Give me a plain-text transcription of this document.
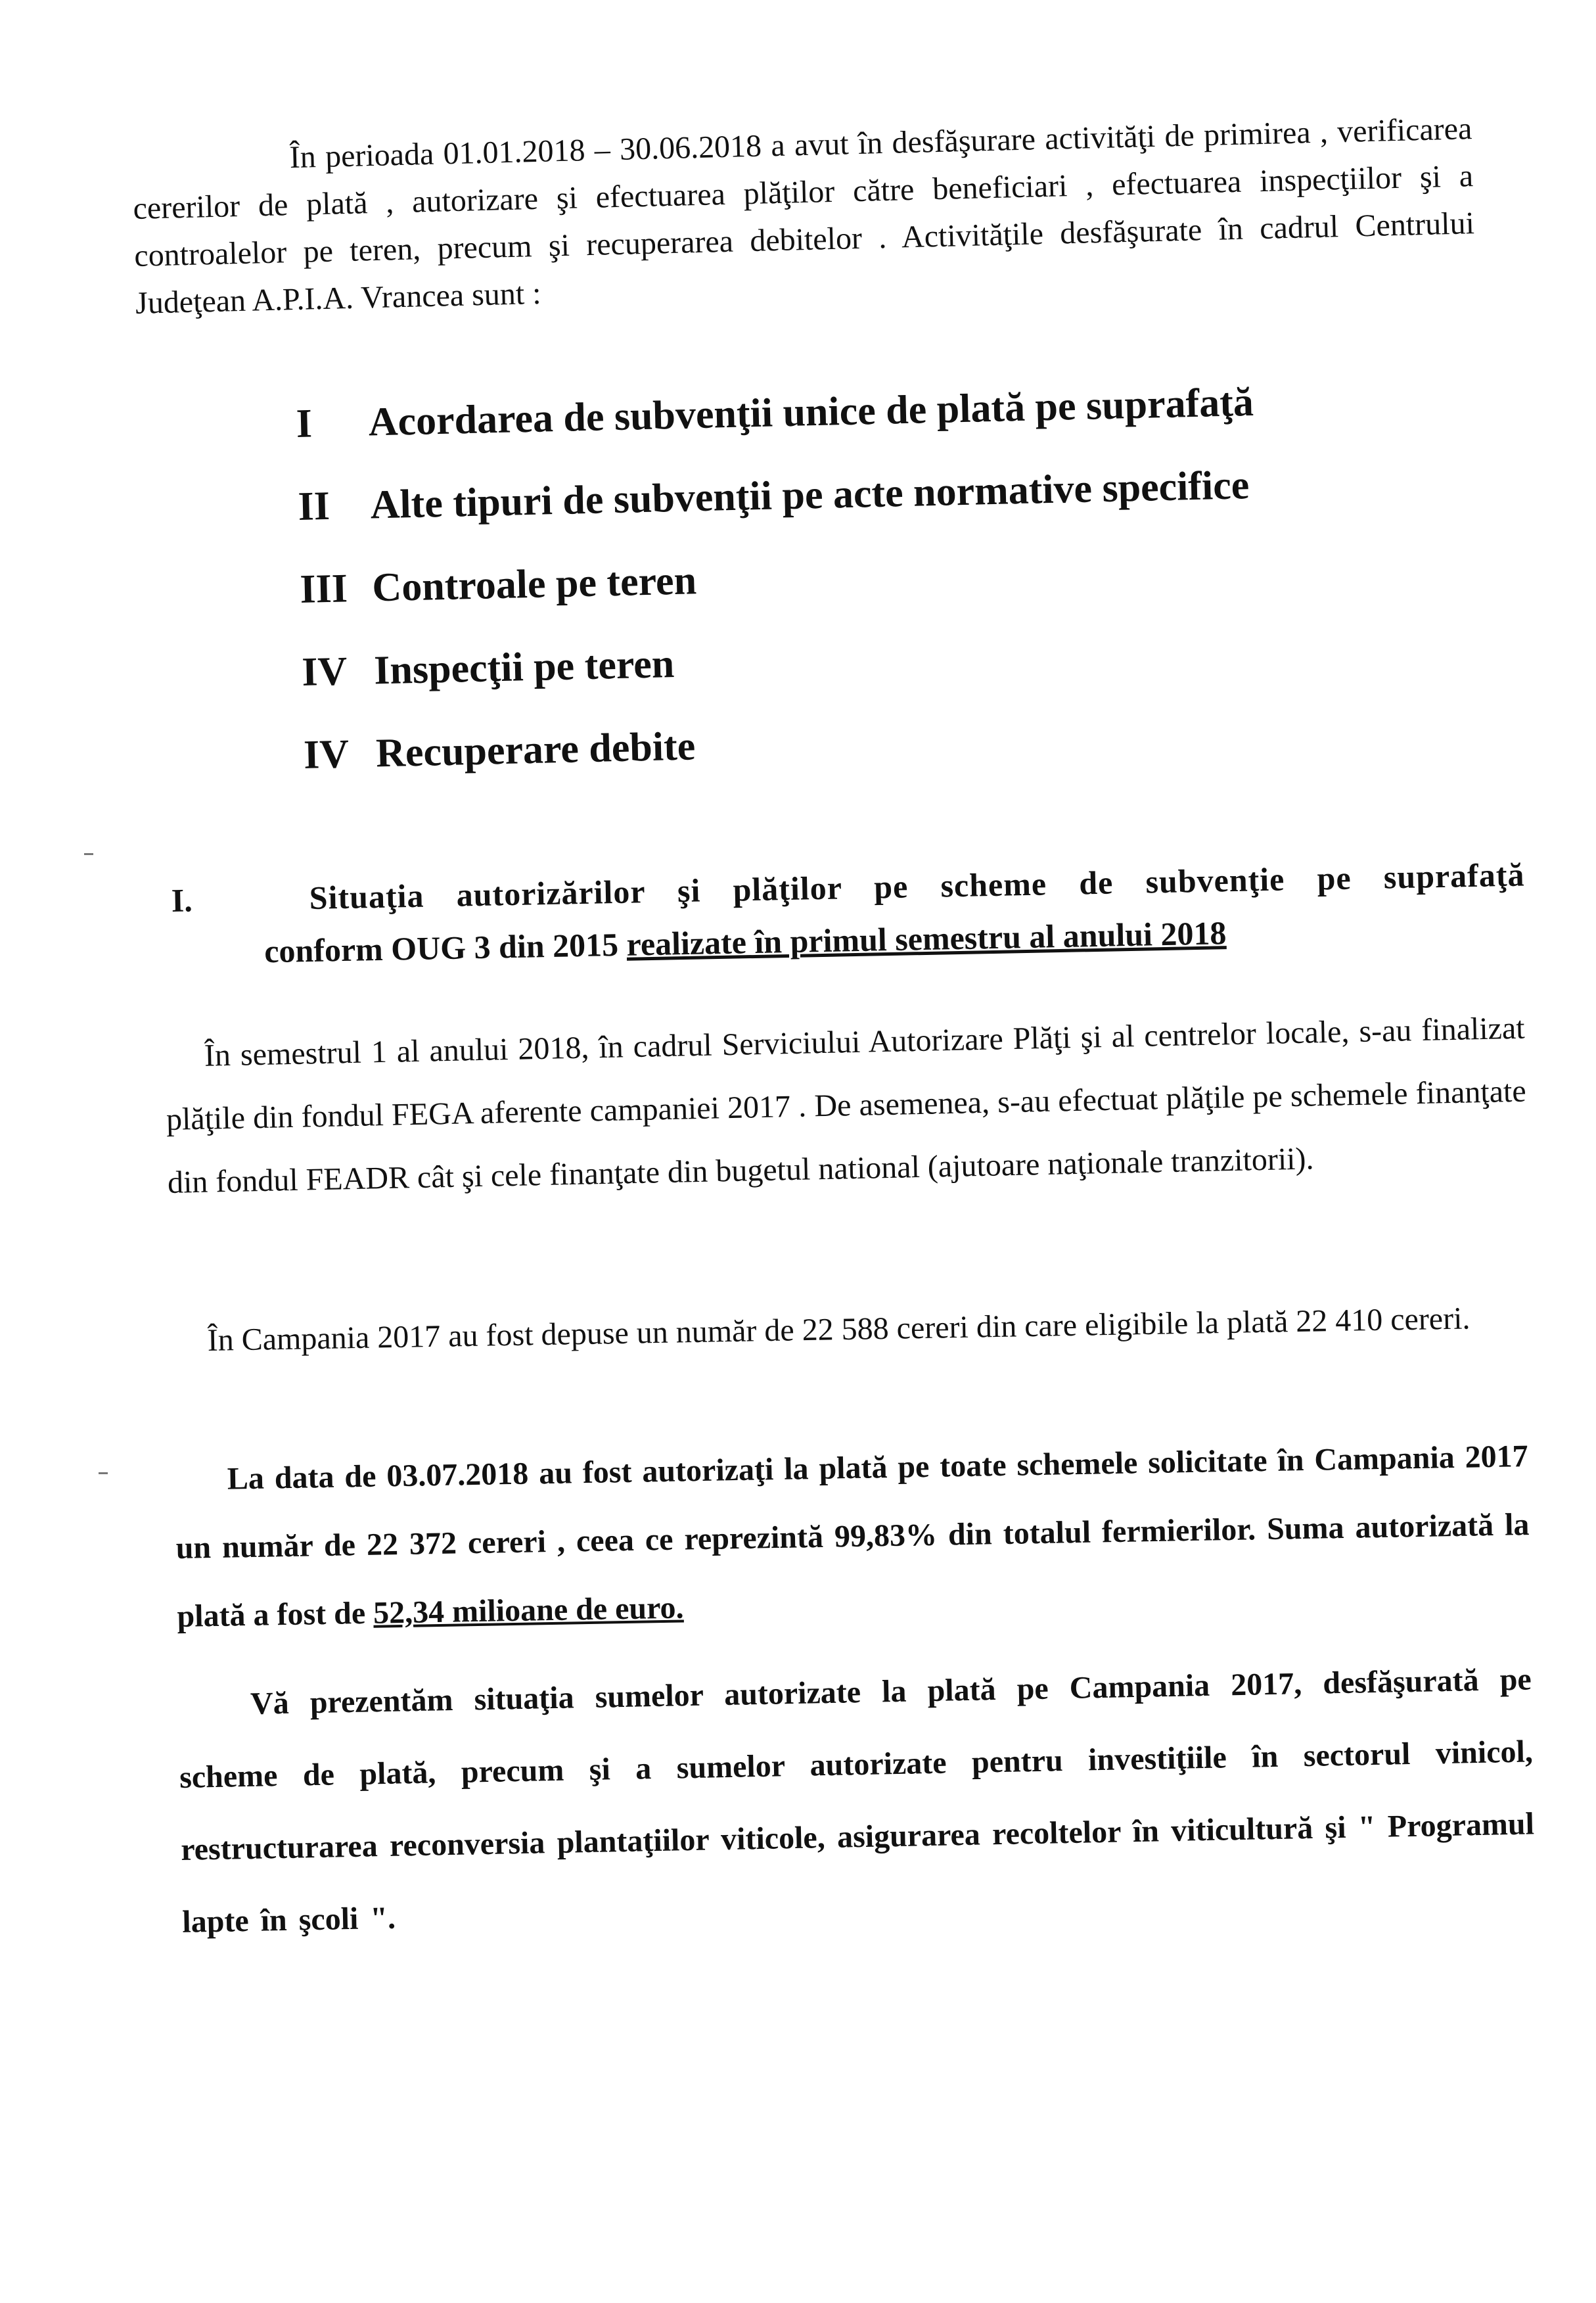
În perioada 01.01.2018 – 30.06.2018 a avut în desfăşurare activităţi de primirea , verificarea cererilor de plată , autorizare şi efectuarea plăţilor către beneficiari , efectuarea inspecţiilor şi a controalelor pe teren, precum şi recuperarea debitelor . Activităţile desfăşurate în cadrul Centrului Judeţean A.P.I.A. Vrancea sunt :

I	Acordarea de subvenţii unice de plată pe suprafaţă
II Alte tipuri de subvenţii pe acte normative specifice
III Controale pe teren
IV Inspecţii pe teren
IV Recuperare debite
I.	Situaţia autorizărilor şi plăţilor pe scheme de subvenţie pe suprafaţă
conform OUG 3 din 2015 realizate în primul semestru al anului 2018

În semestrul 1 al anului 2018, în cadrul Serviciului Autorizare Plăţi şi al centrelor locale, s-au finalizat plăţile din fondul FEGA aferente campaniei 2017 . De asemenea, s-au efectuat plăţile pe schemele finanţate din fondul FEADR cât şi cele finanţate din bugetul national (ajutoare naţionale tranzitorii).

În Campania 2017 au fost depuse un număr de 22 588 cereri din care eligibile la plată 22 410 cereri.

La data de 03.07.2018 au fost autorizaţi la plată pe toate schemele solicitate în Campania 2017 un număr de 22 372 cereri , ceea ce reprezintă 99,83% din totalul fermierilor. Suma autorizată la plată a fost de 52,34 milioane de euro.

Vă prezentăm situaţia sumelor autorizate la plată pe Campania 2017, desfăşurată pe scheme de plată, precum şi a sumelor autorizate pentru investiţiile în sectorul vinicol, restructurarea reconversia plantaţiilor viticole, asigurarea recoltelor în viticultură şi " Programul lapte în şcoli ".
